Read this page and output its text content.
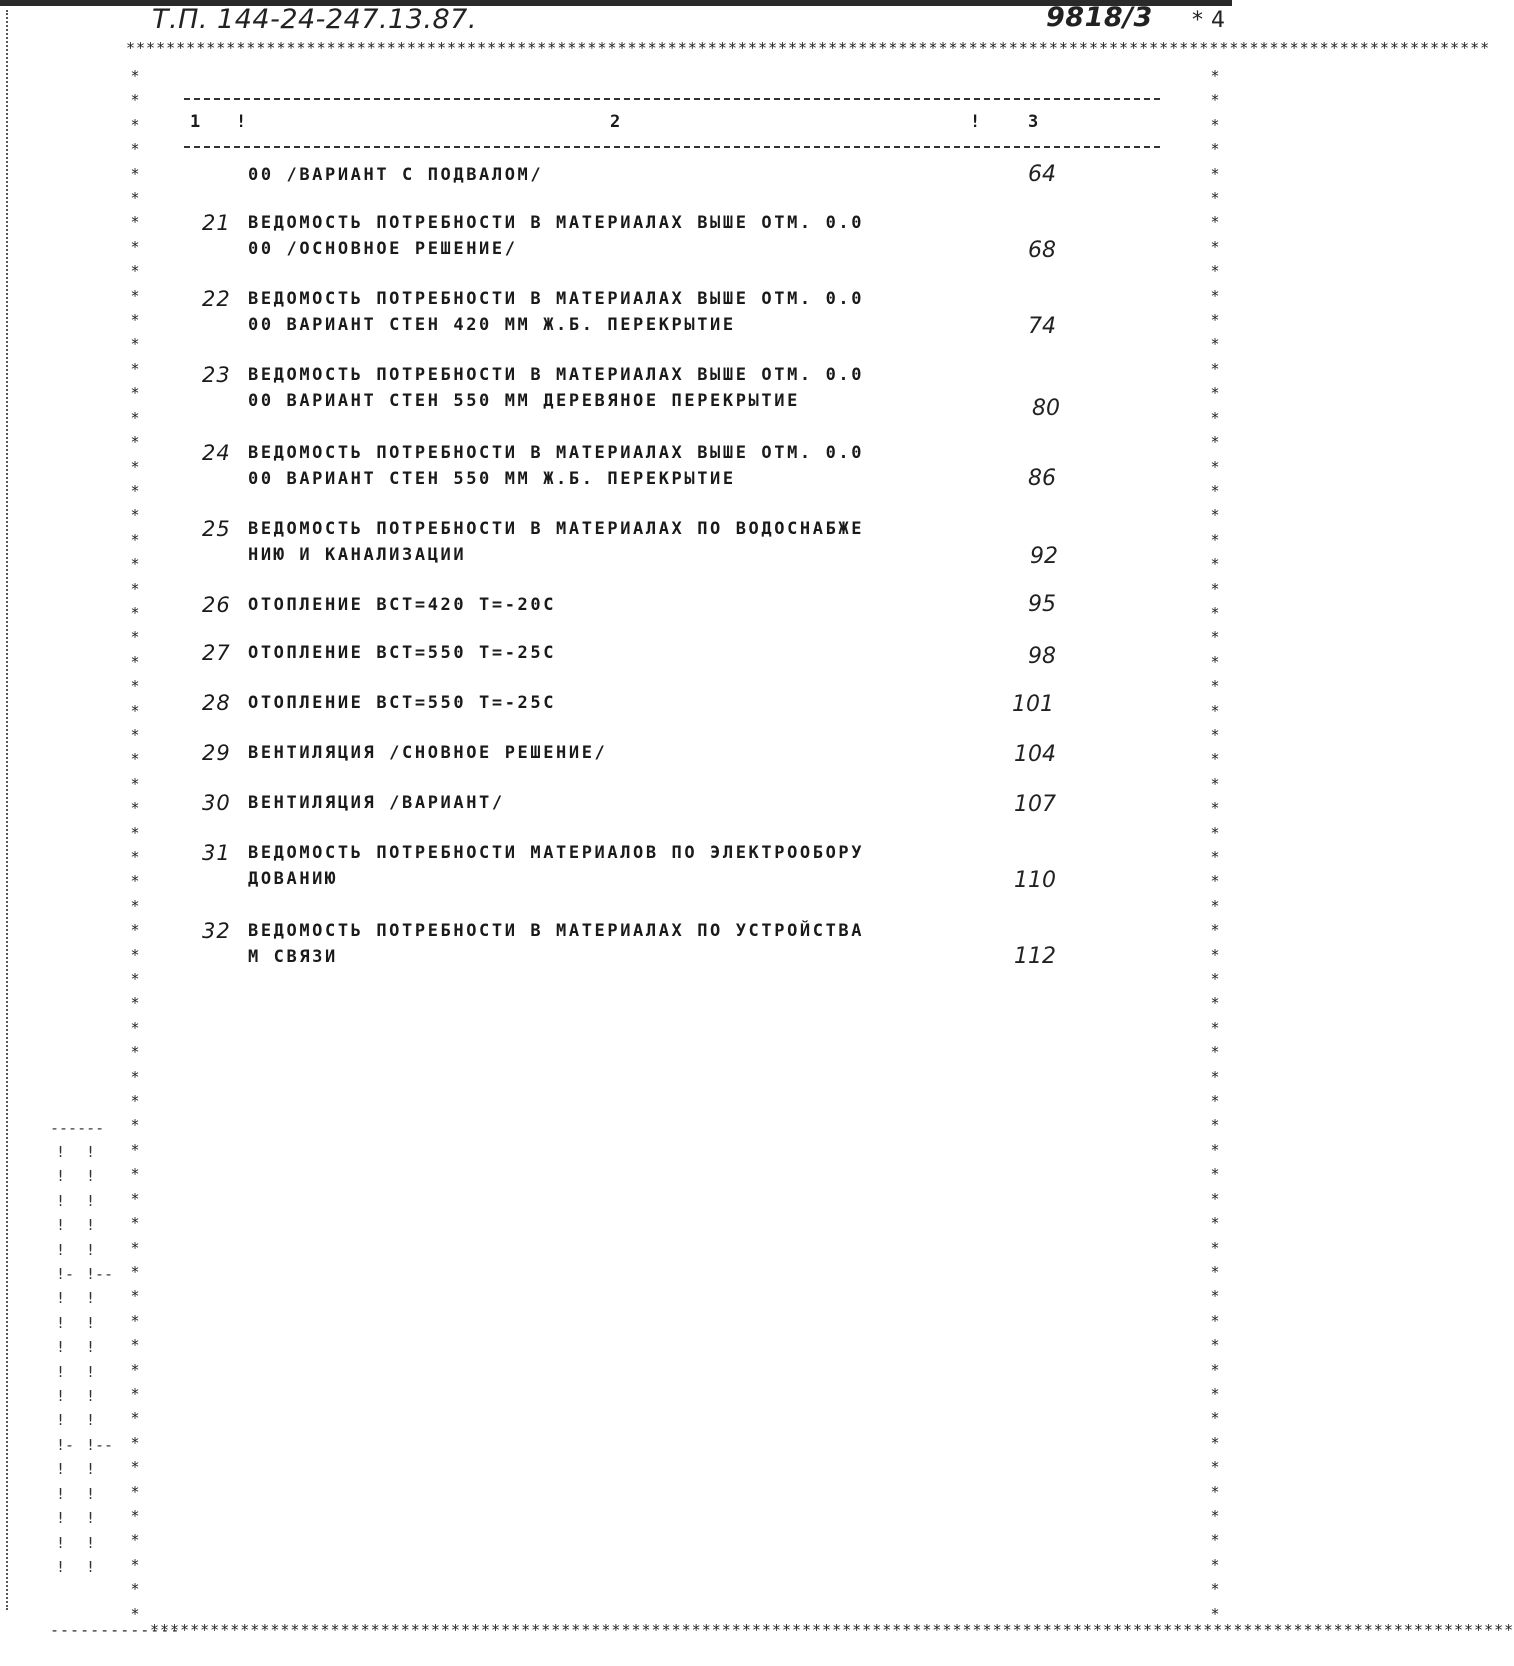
Т.П. 144-24-247.13.87.	9818/3 * 4
****************************************************************************************************************************************
****************************************************************************************************************************************
-------------
*
*
*
*
*
*
*
*
*
*
*
*
*
*
*
*
*
*
*
*
*
*
*
*
*
*
*
*
*
*
*
*
*
*
*
*
*
*
*
*
*
*
*
*
*
*
*
*
*
*
*
*
*
*
*
*
*
*
*
*
*
*
*
*
*
*
*
*
*
*
*
*
*
*
*
*
*
*
*
*
*
*
*
*
*
*
*
*
*
*
*
*
*
*
*
*
*
*
*
*
*
*
*
*
*
*
*
*
*
*
*
*
*
*
*
*
*
*
*
*
*
*
*
*
*
*
*
*
------
!
!
!
!
!
!-
!
!
!
!
!
!
!-
!
!
!
!
!
!
!
!
!
!
!--
!
!
!
!
!
!
!--
!
!
!
!
!
1 !	2	!	3
00 /ВАРИАНТ С ПОДВАЛОМ/	64
21 ВЕДОМОСТЬ ПОТРЕБНОСТИ В МАТЕРИАЛАХ ВЫШЕ ОТМ. 0.0
00 /ОСНОВНОЕ РЕШЕНИЕ/	68
22 ВЕДОМОСТЬ ПОТРЕБНОСТИ В МАТЕРИАЛАХ ВЫШЕ ОТМ. 0.0
00 ВАРИАНТ СТЕН 420 ММ Ж.Б. ПЕРЕКРЫТИЕ	74
23 ВЕДОМОСТЬ ПОТРЕБНОСТИ В МАТЕРИАЛАХ ВЫШЕ ОТМ. 0.0
00 ВАРИАНТ СТЕН 550 ММ ДЕРЕВЯНОЕ ПЕРЕКРЫТИЕ	80
24 ВЕДОМОСТЬ ПОТРЕБНОСТИ В МАТЕРИАЛАХ ВЫШЕ ОТМ. 0.0
00 ВАРИАНТ СТЕН 550 ММ Ж.Б. ПЕРЕКРЫТИЕ	86
25 ВЕДОМОСТЬ ПОТРЕБНОСТИ В МАТЕРИАЛАХ ПО ВОДОСНАБЖЕ
НИЮ И КАНАЛИЗАЦИИ	92
26 ОТОПЛЕНИЕ ВСТ=420 Т=-20С	95
27 ОТОПЛЕНИЕ ВСТ=550 Т=-25С	98
28 ОТОПЛЕНИЕ ВСТ=550 Т=-25С	101
29 ВЕНТИЛЯЦИЯ /СНОВНОЕ РЕШЕНИЕ/	104
30 ВЕНТИЛЯЦИЯ /ВАРИАНТ/	107
31 ВЕДОМОСТЬ ПОТРЕБНОСТИ МАТЕРИАЛОВ ПО ЭЛЕКТРООБОРУ
ДОВАНИЮ	110
32 ВЕДОМОСТЬ ПОТРЕБНОСТИ В МАТЕРИАЛАХ ПО УСТРОЙСТВА
М СВЯЗИ	112
